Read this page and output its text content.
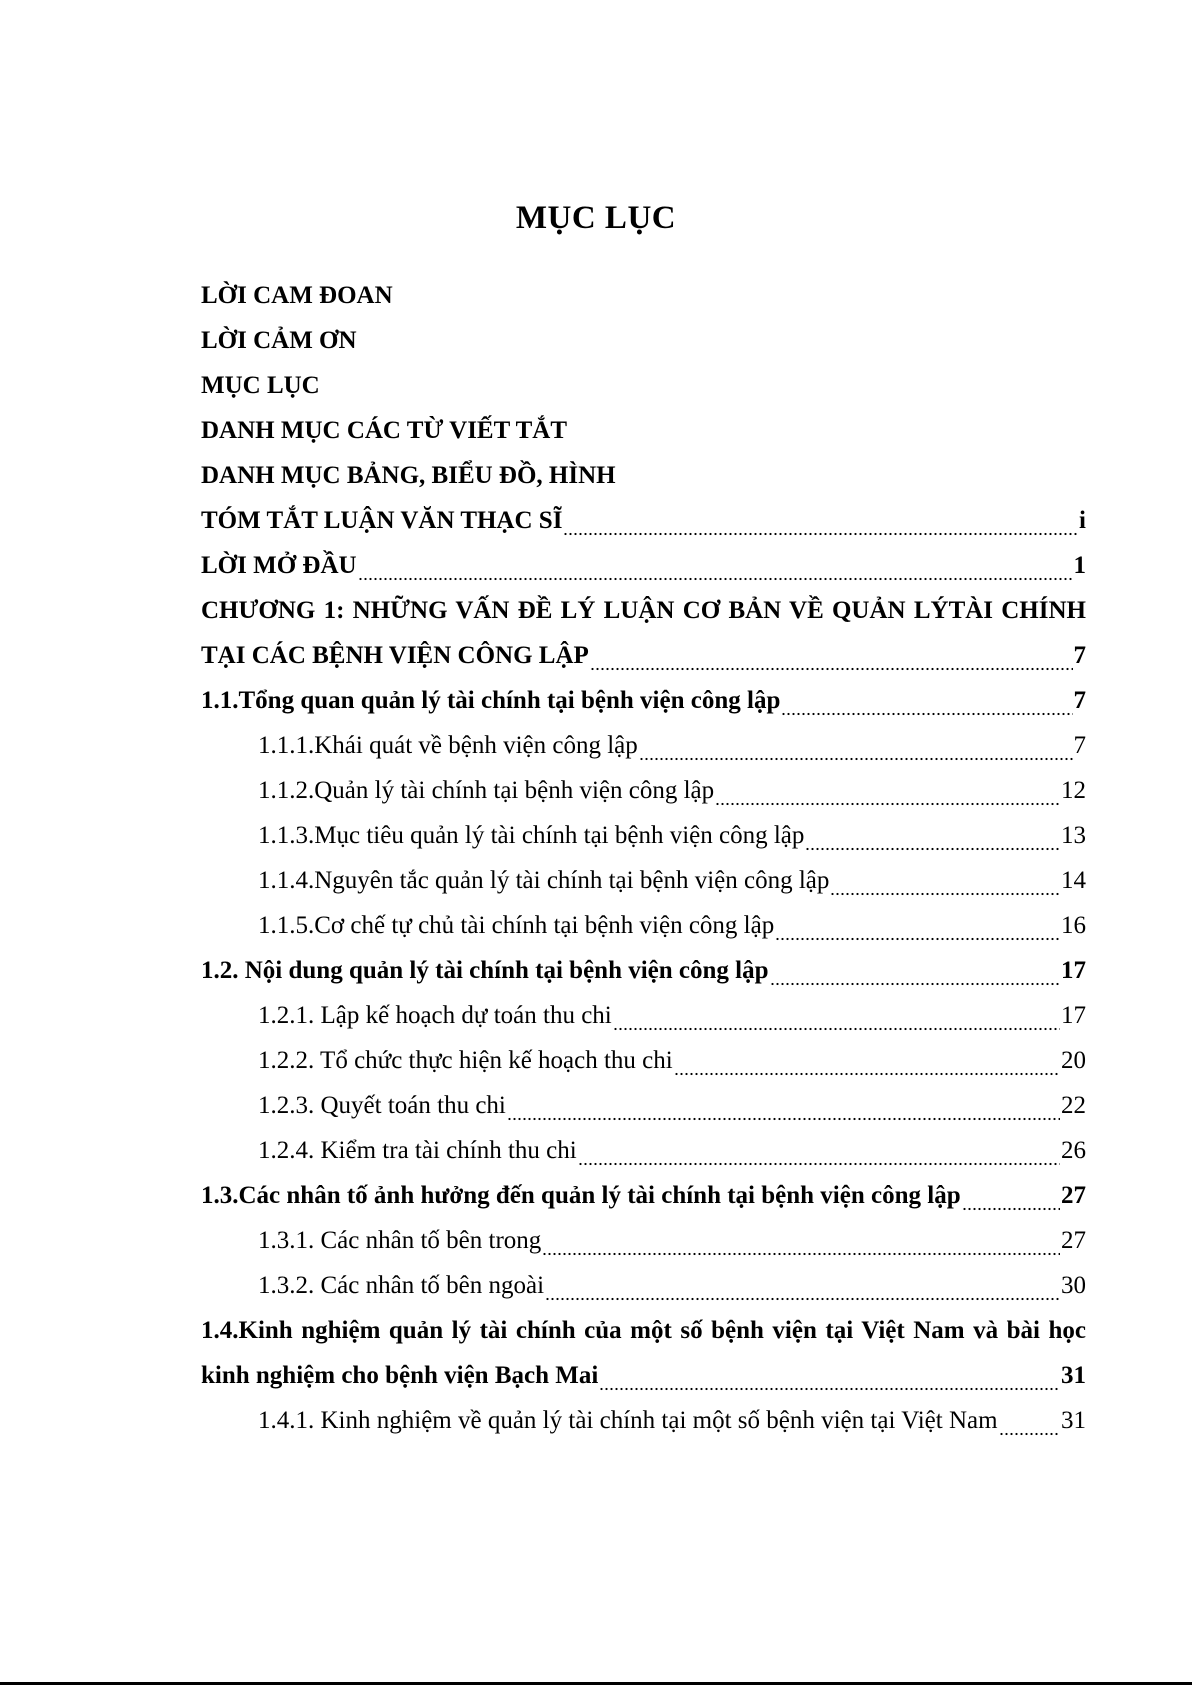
MỤC LỤC
LỜI CAM ĐOAN
LỜI CẢM ƠN
MỤC LỤC
DANH MỤC CÁC TỪ VIẾT TẮT
DANH MỤC BẢNG, BIỂU ĐỒ, HÌNH
TÓM TẮT LUẬN VĂN THẠC SĨ	i
LỜI MỞ ĐẦU	1
CHƯƠNG 1: NHỮNG VẤN ĐỀ LÝ LUẬN CƠ BẢN VỀ QUẢN LÝTÀI CHÍNH
TẠI CÁC BỆNH VIỆN CÔNG LẬP	7
1.1.Tổng quan quản lý tài chính tại bệnh viện công lập	7
1.1.1.Khái quát về bệnh viện công lập	7
1.1.2.Quản lý tài chính tại bệnh viện công lập	12
1.1.3.Mục tiêu quản lý tài chính tại bệnh viện công lập	13
1.1.4.Nguyên tắc quản lý tài chính tại bệnh viện công lập	14
1.1.5.Cơ chế tự chủ tài chính tại bệnh viện công lập	16
1.2. Nội dung quản lý tài chính tại bệnh viện công lập	17
1.2.1. Lập kế hoạch dự toán thu chi	17
1.2.2. Tổ chức thực hiện kế hoạch thu chi	20
1.2.3. Quyết toán thu chi	22
1.2.4. Kiểm tra tài chính thu chi	26
1.3.Các nhân tố ảnh hưởng đến quản lý tài chính tại bệnh viện công lập	27
1.3.1. Các nhân tố bên trong	27
1.3.2. Các nhân tố bên ngoài	30
1.4.Kinh nghiệm quản lý tài chính của một số bệnh viện tại Việt Nam và bài học
kinh nghiệm cho bệnh viện Bạch Mai	31
1.4.1. Kinh nghiệm về quản lý tài chính tại một số bệnh viện tại Việt Nam	31
